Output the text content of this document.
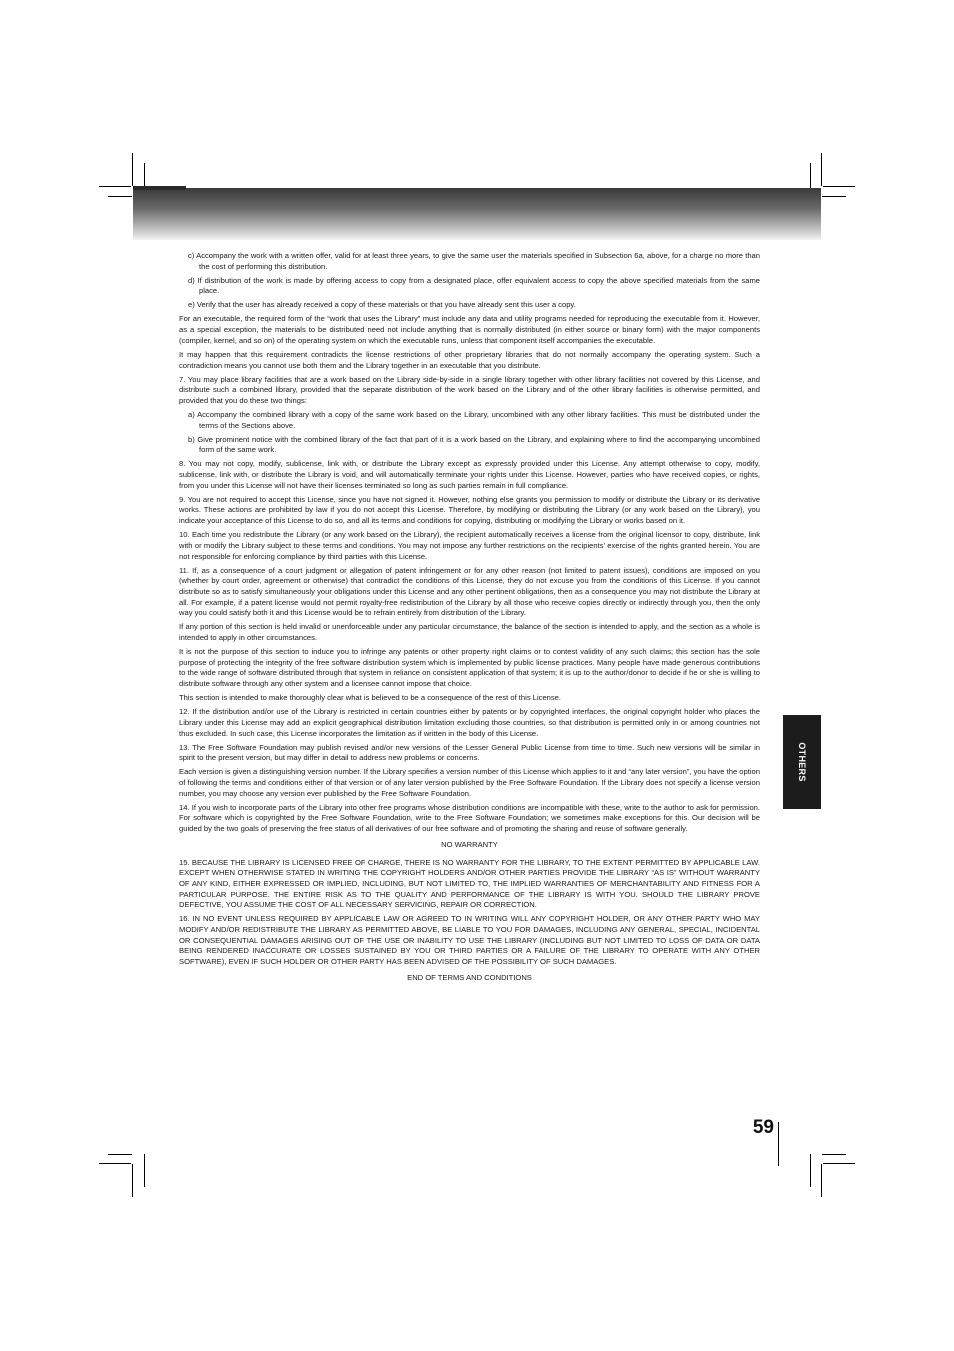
c) Accompany the work with a written offer, valid for at least three years, to give the same user the materials specified in Subsection 6a, above, for a charge no more than the cost of performing this distribution.

d) If distribution of the work is made by offering access to copy from a designated place, offer equivalent access to copy the above specified materials from the same place.

e) Verify that the user has already received a copy of these materials or that you have already sent this user a copy.

For an executable, the required form of the “work that uses the Library” must include any data and utility programs needed for reproducing the executable from it. However, as a special exception, the materials to be distributed need not include anything that is normally distributed (in either source or binary form) with the major components (compiler, kernel, and so on) of the operating system on which the executable runs, unless that component itself accompanies the executable.

It may happen that this requirement contradicts the license restrictions of other proprietary libraries that do not normally accompany the operating system. Such a contradiction means you cannot use both them and the Library together in an executable that you distribute.

7. You may place library facilities that are a work based on the Library side-by-side in a single library together with other library facilities not covered by this License, and distribute such a combined library, provided that the separate distribution of the work based on the Library and of the other library facilities is otherwise permitted, and provided that you do these two things:

a) Accompany the combined library with a copy of the same work based on the Library, uncombined with any other library facilities. This must be distributed under the terms of the Sections above.

b) Give prominent notice with the combined library of the fact that part of it is a work based on the Library, and explaining where to find the accompanying uncombined form of the same work.

8. You may not copy, modify, sublicense, link with, or distribute the Library except as expressly provided under this License. Any attempt otherwise to copy, modify, sublicense, link with, or distribute the Library is void, and will automatically terminate your rights under this License. However, parties who have received copies, or rights, from you under this License will not have their licenses terminated so long as such parties remain in full compliance.

9. You are not required to accept this License, since you have not signed it. However, nothing else grants you permission to modify or distribute the Library or its derivative works. These actions are prohibited by law if you do not accept this License. Therefore, by modifying or distributing the Library (or any work based on the Library), you indicate your acceptance of this License to do so, and all its terms and conditions for copying, distributing or modifying the Library or works based on it.

10. Each time you redistribute the Library (or any work based on the Library), the recipient automatically receives a license from the original licensor to copy, distribute, link with or modify the Library subject to these terms and conditions. You may not impose any further restrictions on the recipients’ exercise of the rights granted herein. You are not responsible for enforcing compliance by third parties with this License.

11. If, as a consequence of a court judgment or allegation of patent infringement or for any other reason (not limited to patent issues), conditions are imposed on you (whether by court order, agreement or otherwise) that contradict the conditions of this License, they do not excuse you from the conditions of this License. If you cannot distribute so as to satisfy simultaneously your obligations under this License and any other pertinent obligations, then as a consequence you may not distribute the Library at all. For example, if a patent license would not permit royalty-free redistribution of the Library by all those who receive copies directly or indirectly through you, then the only way you could satisfy both it and this License would be to refrain entirely from distribution of the Library.

If any portion of this section is held invalid or unenforceable under any particular circumstance, the balance of the section is intended to apply, and the section as a whole is intended to apply in other circumstances.

It is not the purpose of this section to induce you to infringe any patents or other property right claims or to contest validity of any such claims; this section has the sole purpose of protecting the integrity of the free software distribution system which is implemented by public license practices. Many people have made generous contributions to the wide range of software distributed through that system in reliance on consistent application of that system; it is up to the author/donor to decide if he or she is willing to distribute software through any other system and a licensee cannot impose that choice.

This section is intended to make thoroughly clear what is believed to be a consequence of the rest of this License.

12. If the distribution and/or use of the Library is restricted in certain countries either by patents or by copyrighted interfaces, the original copyright holder who places the Library under this License may add an explicit geographical distribution limitation excluding those countries, so that distribution is permitted only in or among countries not thus excluded. In such case, this License incorporates the limitation as if written in the body of this License.

13. The Free Software Foundation may publish revised and/or new versions of the Lesser General Public License from time to time. Such new versions will be similar in spirit to the present version, but may differ in detail to address new problems or concerns.

Each version is given a distinguishing version number. If the Library specifies a version number of this License which applies to it and “any later version”, you have the option of following the terms and conditions either of that version or of any later version published by the Free Software Foundation. If the Library does not specify a license version number, you may choose any version ever published by the Free Software Foundation.

14. If you wish to incorporate parts of the Library into other free programs whose distribution conditions are incompatible with these, write to the author to ask for permission. For software which is copyrighted by the Free Software Foundation, write to the Free Software Foundation; we sometimes make exceptions for this. Our decision will be guided by the two goals of preserving the free status of all derivatives of our free software and of promoting the sharing and reuse of software generally.

NO WARRANTY

15. BECAUSE THE LIBRARY IS LICENSED FREE OF CHARGE, THERE IS NO WARRANTY FOR THE LIBRARY, TO THE EXTENT PERMITTED BY APPLICABLE LAW. EXCEPT WHEN OTHERWISE STATED IN WRITING THE COPYRIGHT HOLDERS AND/OR OTHER PARTIES PROVIDE THE LIBRARY “AS IS” WITHOUT WARRANTY OF ANY KIND, EITHER EXPRESSED OR IMPLIED, INCLUDING, BUT NOT LIMITED TO, THE IMPLIED WARRANTIES OF MERCHANTABILITY AND FITNESS FOR A PARTICULAR PURPOSE. THE ENTIRE RISK AS TO THE QUALITY AND PERFORMANCE OF THE LIBRARY IS WITH YOU. SHOULD THE LIBRARY PROVE DEFECTIVE, YOU ASSUME THE COST OF ALL NECESSARY SERVICING, REPAIR OR CORRECTION.

16. IN NO EVENT UNLESS REQUIRED BY APPLICABLE LAW OR AGREED TO IN WRITING WILL ANY COPYRIGHT HOLDER, OR ANY OTHER PARTY WHO MAY MODIFY AND/OR REDISTRIBUTE THE LIBRARY AS PERMITTED ABOVE, BE LIABLE TO YOU FOR DAMAGES, INCLUDING ANY GENERAL, SPECIAL, INCIDENTAL OR CONSEQUENTIAL DAMAGES ARISING OUT OF THE USE OR INABILITY TO USE THE LIBRARY (INCLUDING BUT NOT LIMITED TO LOSS OF DATA OR DATA BEING RENDERED INACCURATE OR LOSSES SUSTAINED BY YOU OR THIRD PARTIES OR A FAILURE OF THE LIBRARY TO OPERATE WITH ANY OTHER SOFTWARE), EVEN IF SUCH HOLDER OR OTHER PARTY HAS BEEN ADVISED OF THE POSSIBILITY OF SUCH DAMAGES.

END OF TERMS AND CONDITIONS

OTHERS
59
